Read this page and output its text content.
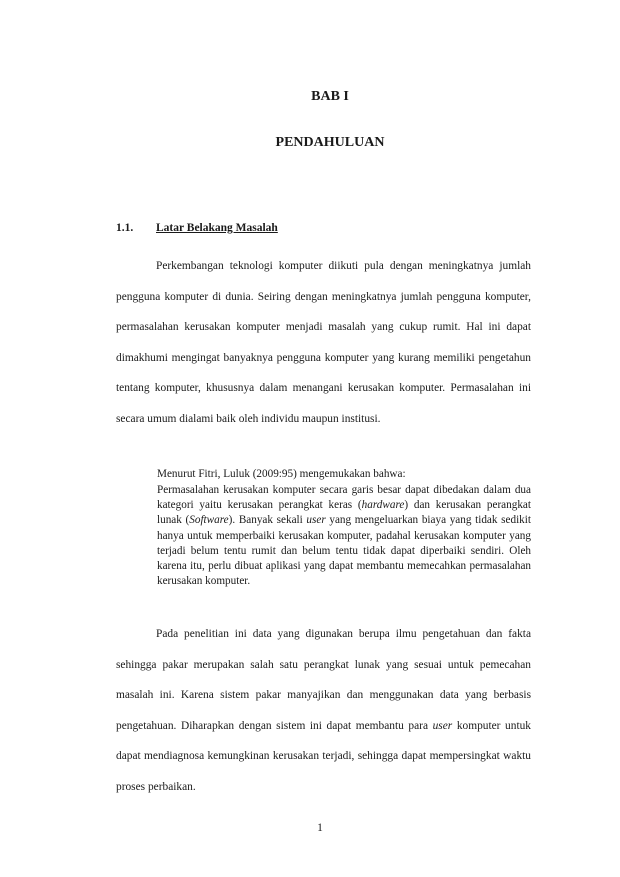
BAB I
PENDAHULUAN
1.1. Latar Belakang Masalah

Perkembangan teknologi komputer diikuti pula dengan meningkatnya jumlah pengguna komputer di dunia. Seiring dengan meningkatnya jumlah pengguna komputer, permasalahan kerusakan komputer menjadi masalah yang cukup rumit. Hal ini dapat dimakhumi mengingat banyaknya pengguna komputer yang kurang memiliki pengetahun tentang komputer, khususnya dalam menangani kerusakan komputer. Permasalahan ini secara umum dialami baik oleh individu maupun institusi.

Menurut Fitri, Luluk (2009:95) mengemukakan bahwa:

Permasalahan kerusakan komputer secara garis besar dapat dibedakan dalam dua kategori yaitu kerusakan perangkat keras (hardware) dan kerusakan perangkat lunak (Software). Banyak sekali user yang mengeluarkan biaya yang tidak sedikit hanya untuk memperbaiki kerusakan komputer, padahal kerusakan komputer yang terjadi belum tentu rumit dan belum tentu tidak dapat diperbaiki sendiri. Oleh karena itu, perlu dibuat aplikasi yang dapat membantu memecahkan permasalahan kerusakan komputer.

Pada penelitian ini data yang digunakan berupa ilmu pengetahuan dan fakta sehingga pakar merupakan salah satu perangkat lunak yang sesuai untuk pemecahan masalah ini. Karena sistem pakar manyajikan dan menggunakan data yang berbasis pengetahuan. Diharapkan dengan sistem ini dapat membantu para user komputer untuk dapat mendiagnosa kemungkinan kerusakan terjadi, sehingga dapat mempersingkat waktu proses perbaikan.

1
